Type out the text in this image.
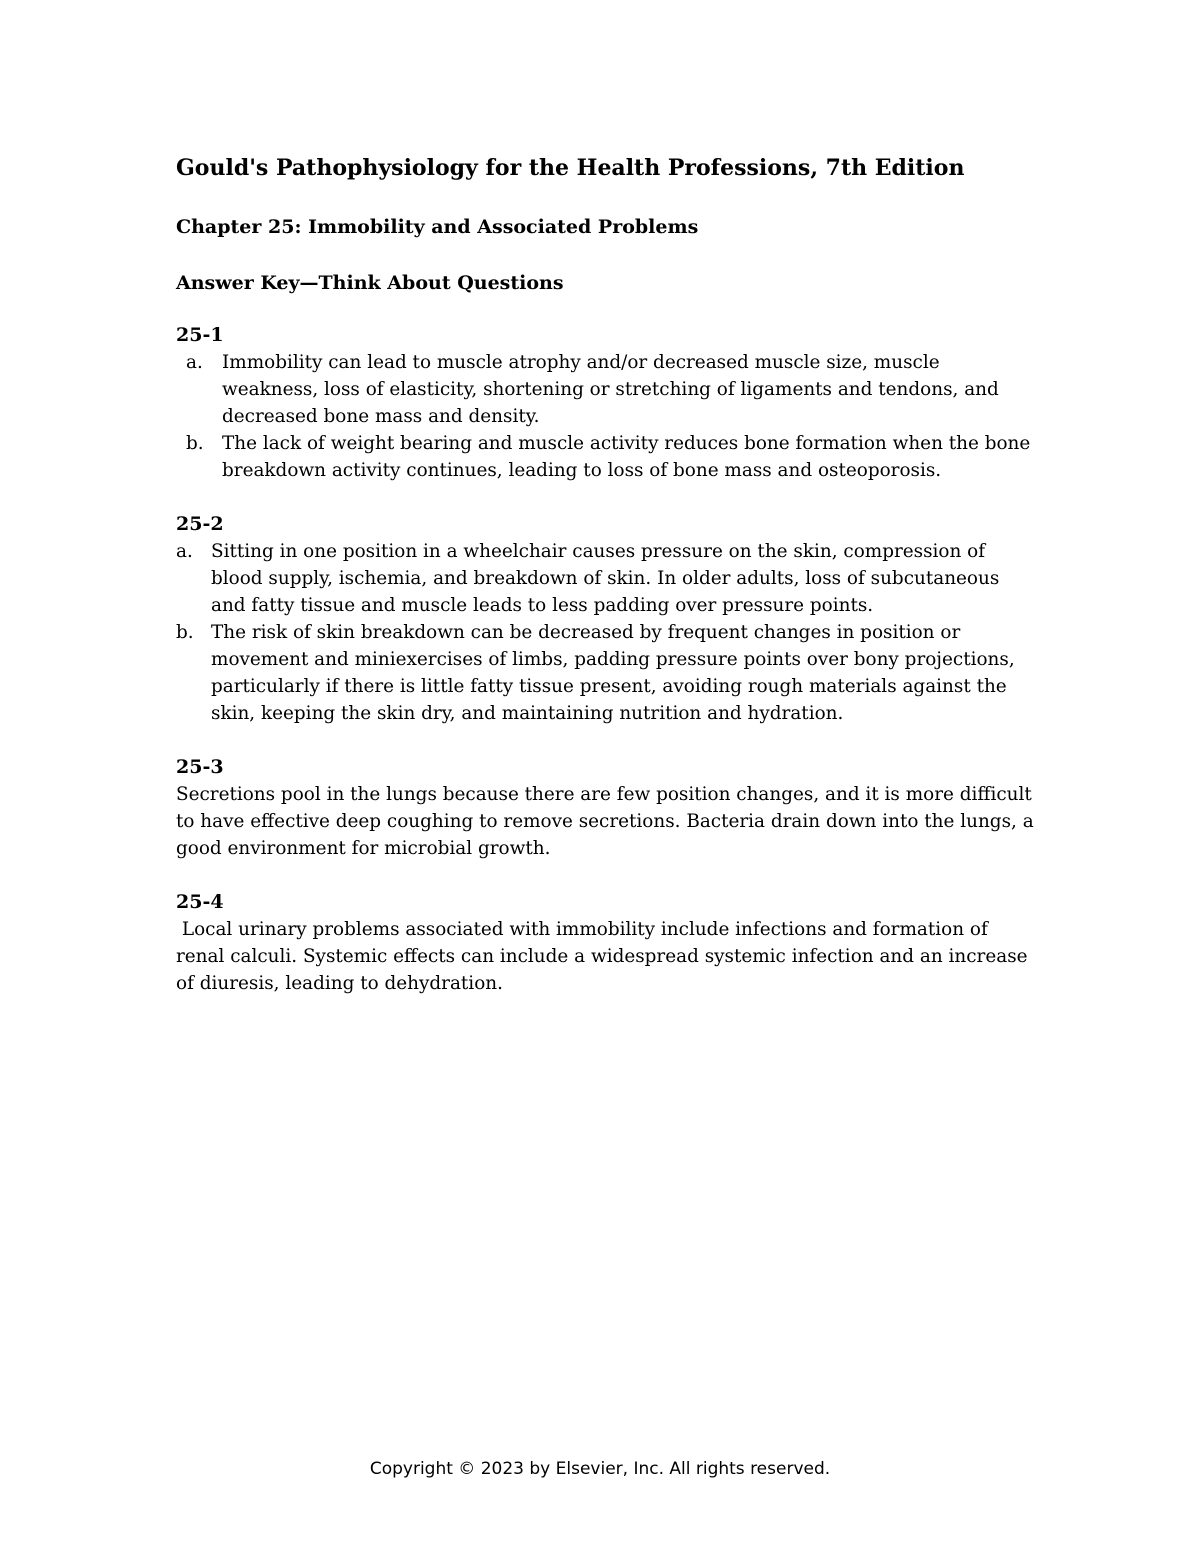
Gould's Pathophysiology for the Health Professions, 7th Edition
Chapter 25: Immobility and Associated Problems
Answer Key—Think About Questions
25-1
a. Immobility can lead to muscle atrophy and/or decreased muscle size, muscle weakness, loss of elasticity, shortening or stretching of ligaments and tendons, and decreased bone mass and density.
b. The lack of weight bearing and muscle activity reduces bone formation when the bone breakdown activity continues, leading to loss of bone mass and osteoporosis.
25-2
a. Sitting in one position in a wheelchair causes pressure on the skin, compression of blood supply, ischemia, and breakdown of skin. In older adults, loss of subcutaneous and fatty tissue and muscle leads to less padding over pressure points.
b. The risk of skin breakdown can be decreased by frequent changes in position or movement and miniexercises of limbs, padding pressure points over bony projections, particularly if there is little fatty tissue present, avoiding rough materials against the skin, keeping the skin dry, and maintaining nutrition and hydration.
25-3

Secretions pool in the lungs because there are few position changes, and it is more difficult to have effective deep coughing to remove secretions. Bacteria drain down into the lungs, a good environment for microbial growth.

25-4

Local urinary problems associated with immobility include infections and formation of renal calculi. Systemic effects can include a widespread systemic infection and an increase of diuresis, leading to dehydration.

Copyright © 2023 by Elsevier, Inc. All rights reserved.
